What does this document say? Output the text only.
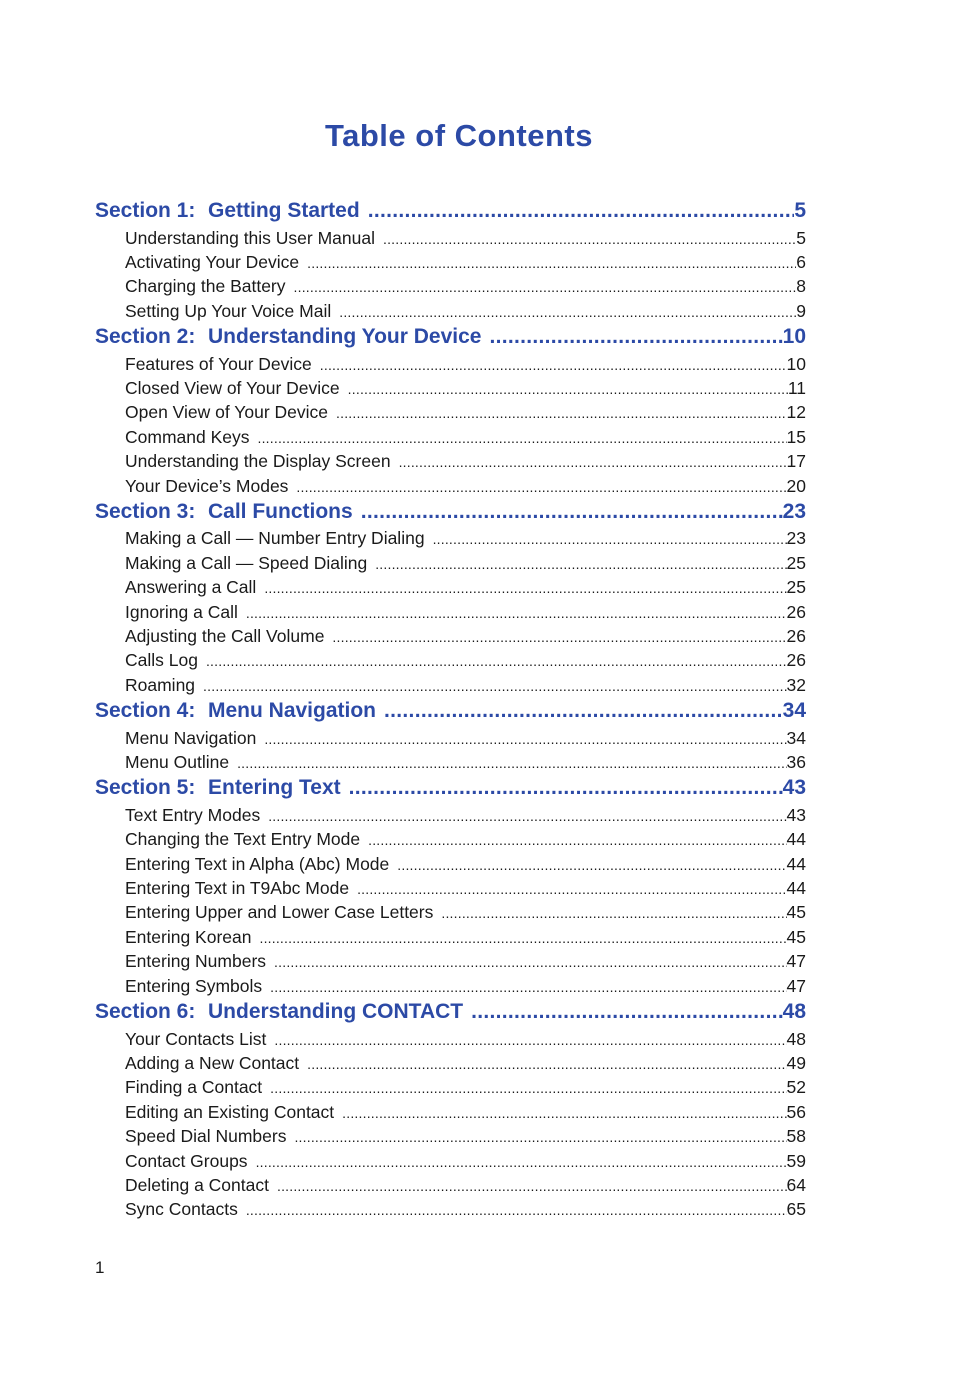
Table of Contents
Section 1: Getting Started .....	5
Understanding this User Manual .....	5
Activating Your Device .....	6
Charging the Battery .....	8
Setting Up Your Voice Mail .....	9
Section 2: Understanding Your Device .....	10
Features of Your Device .....	10
Closed View of Your Device .....	11
Open View of Your Device .....	12
Command Keys .....	15
Understanding the Display Screen .....	17
Your Device’s Modes .....	20
Section 3: Call Functions .....	23
Making a Call — Number Entry Dialing .....	23
Making a Call — Speed Dialing .....	25
Answering a Call .....	25
Ignoring a Call .....	26
Adjusting the Call Volume .....	26
Calls Log .....	26
Roaming .....	32
Section 4: Menu Navigation .....	34
Menu Navigation .....	34
Menu Outline .....	36
Section 5: Entering Text .....	43
Text Entry Modes .....	43
Changing the Text Entry Mode .....	44
Entering Text in Alpha (Abc) Mode .....	44
Entering Text in T9Abc Mode .....	44
Entering Upper and Lower Case Letters .....	45
Entering Korean .....	45
Entering Numbers .....	47
Entering Symbols .....	47
Section 6: Understanding CONTACT .....	48
Your Contacts List .....	48
Adding a New Contact .....	49
Finding a Contact .....	52
Editing an Existing Contact .....	56
Speed Dial Numbers .....	58
Contact Groups .....	59
Deleting a Contact .....	64
Sync Contacts .....	65
1
